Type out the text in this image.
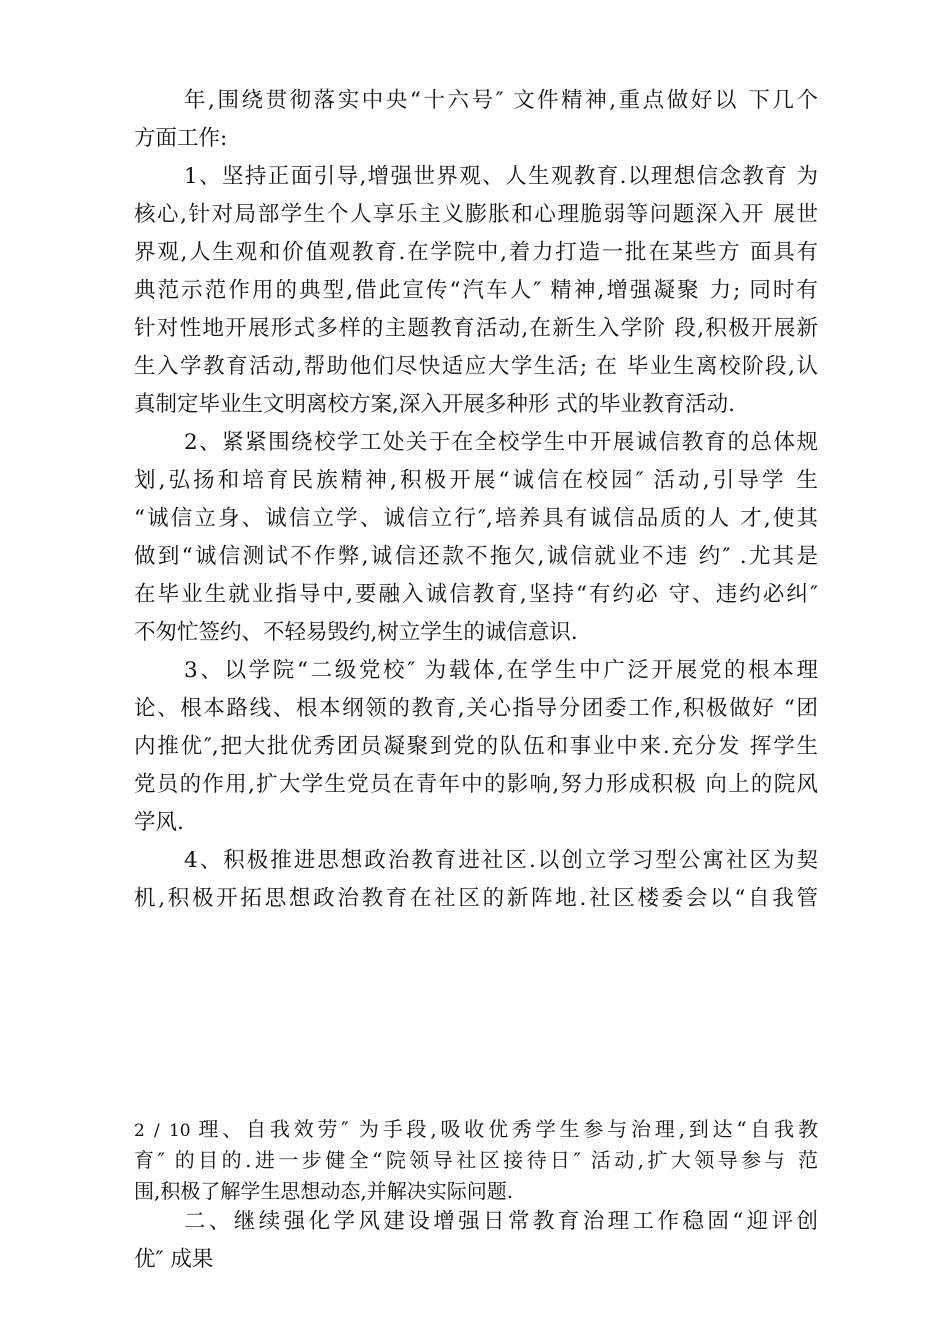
年,围绕贯彻落实中央“十六号″ 文件精神,重点做好以 下几个
方面工作:
1、坚持正面引导,增强世界观、人生观教育.以理想信念教育 为
核心,针对局部学生个人享乐主义膨胀和心理脆弱等问题深入开 展世
界观,人生观和价值观教育.在学院中,着力打造一批在某些方 面具有
典范示范作用的典型,借此宣传“汽车人″ 精神,增强凝聚 力; 同时有
针对性地开展形式多样的主题教育活动,在新生入学阶 段,积极开展新
生入学教育活动,帮助他们尽快适应大学生活; 在 毕业生离校阶段,认
真制定毕业生文明离校方案,深入开展多种形 式的毕业教育活动.
2、紧紧围绕校学工处关于在全校学生中开展诚信教育的总体规
划,弘扬和培育民族精神,积极开展“诚信在校园″ 活动,引导学 生
“诚信立身、诚信立学、诚信立行″,培养具有诚信品质的人 才,使其
做到“诚信测试不作弊,诚信还款不拖欠,诚信就业不违 约″ .尤其是
在毕业生就业指导中,要融入诚信教育,坚持“有约必 守、违约必纠″
不匆忙签约、不轻易毁约,树立学生的诚信意识.
3、以学院“二级党校″ 为载体,在学生中广泛开展党的根本理
论、根本路线、根本纲领的教育,关心指导分团委工作,积极做好 “团
内推优″,把大批优秀团员凝聚到党的队伍和事业中来.充分发 挥学生
党员的作用,扩大学生党员在青年中的影响,努力形成积极 向上的院风
学风.
4、积极推进思想政治教育进社区.以创立学习型公寓社区为契
机,积极开拓思想政治教育在社区的新阵地.社区楼委会以“自我管
2 / 10 理、自我效劳″ 为手段,吸收优秀学生参与治理,到达“自我教
育″ 的目的.进一步健全“院领导社区接待日″ 活动,扩大领导参与 范
围,积极了解学生思想动态,并解决实际问题.
二、继续强化学风建设增强日常教育治理工作稳固“迎评创
优″ 成果
